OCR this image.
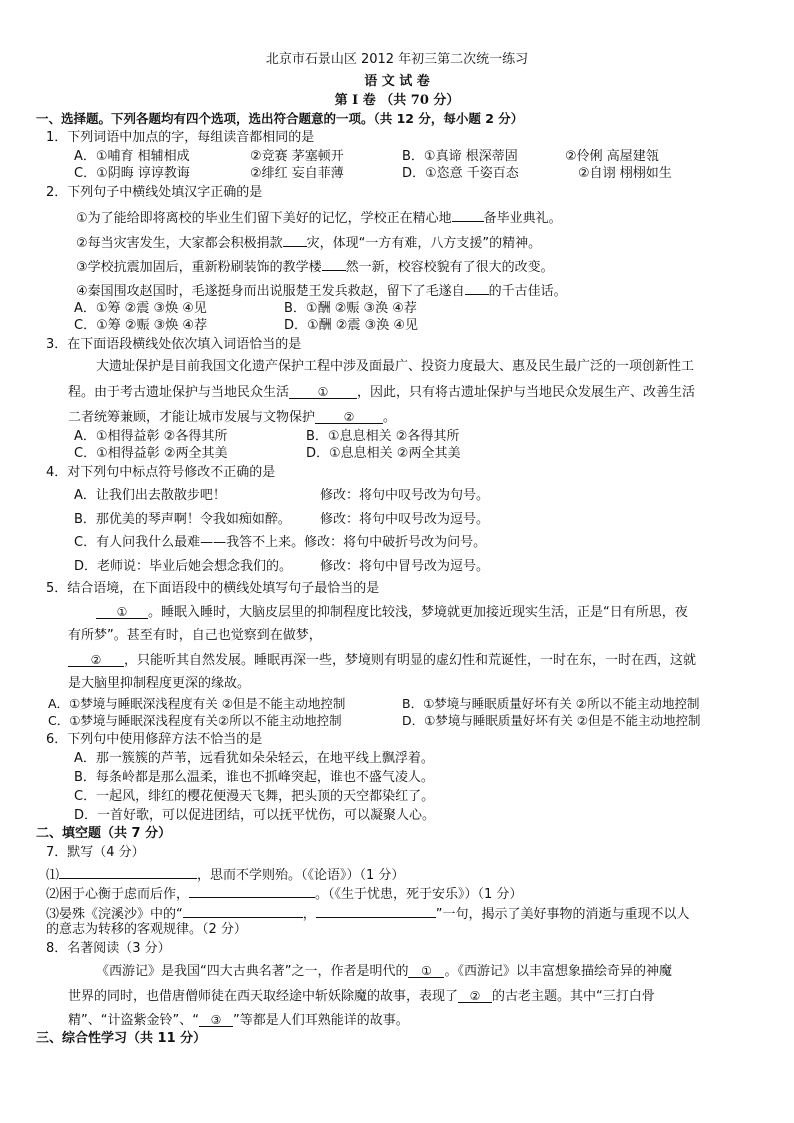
北京市石景山区 2012 年初三第二次统一练习
语 文 试 卷
第 I 卷 （共 70 分）
一、选择题。下列各题均有四个选项，选出符合题意的一项。（共 12 分，每小题 2 分）
1．下列词语中加点的字，每组读音都相同的是
A．①哺育 相辅相成	②竞赛 茅塞顿开	B．①真谛 根深蒂固	②伶俐 高屋建瓴
C．①阴晦 谆谆教诲	②绯红 妄自菲薄	D．①恣意 千姿百态	②自诩 栩栩如生
2．下列句子中横线处填汉字正确的是
①为了能给即将离校的毕业生们留下美好的记忆，学校正在精心地 备毕业典礼。
②每当灾害发生，大家都会积极捐款 灾，体现“一方有难，八方支援”的精神。
③学校抗震加固后，重新粉刷装饰的教学楼 然一新，校容校貌有了很大的改变。
④秦国围攻赵国时，毛遂挺身而出说服楚王发兵救赵，留下了毛遂自 的千古佳话。
A．①筹 ②震 ③焕 ④见	B．①酬 ②赈 ③涣 ④荐
C．①筹 ②赈 ③焕 ④荐	D．①酬 ②震 ③涣 ④见
3．在下面语段横线处依次填入词语恰当的是
大遗址保护是目前我国文化遗产保护工程中涉及面最广、投资力度最大、惠及民生最广泛的一项创新性工
程。由于考古遗址保护与当地民众生活 ① ，因此，只有将古遗址保护与当地民众发展生产、改善生活
二者统筹兼顾，才能让城市发展与文物保护 ② 。
A．①相得益彰 ②各得其所	B．①息息相关 ②各得其所
C．①相得益彰 ②两全其美	D．①息息相关 ②两全其美
4．对下列句中标点符号修改不正确的是
A．让我们出去散散步吧！	修改：将句中叹号改为句号。
B．那优美的琴声啊！令我如痴如醉。 修改：将句中叹号改为逗号。
C．有人问我什么最难——我答不上来。修改：将句中破折号改为问号。
D．老师说：毕业后她会想念我们的。 修改：将句中冒号改为逗号。
5．结合语境，在下面语段中的横线处填写句子最恰当的是
① 。睡眠入睡时，大脑皮层里的抑制程度比较浅，梦境就更加接近现实生活，正是“日有所思，夜
有所梦”。甚至有时，自己也觉察到在做梦，
② ，只能听其自然发展。睡眠再深一些，梦境则有明显的虚幻性和荒诞性，一时在东，一时在西，这就
是大脑里抑制程度更深的缘故。
A．①梦境与睡眠深浅程度有关 ②但是不能主动地控制	B．①梦境与睡眠质量好坏有关 ②所以不能主动地控制
C．①梦境与睡眠深浅程度有关②所以不能主动地控制	D．①梦境与睡眠质量好坏有关 ②但是不能主动地控制
6．下列句中使用修辞方法不恰当的是
A．那一簇簇的芦苇，远看犹如朵朵轻云，在地平线上飘浮着。
B．每条岭都是那么温柔，谁也不抓峰突起，谁也不盛气凌人。
C．一起风，绯红的樱花便漫天飞舞，把头顶的天空都染红了。
D．一首好歌，可以促进团结，可以抚平忧伤，可以凝聚人心。
二、填空题（共 7 分）
7．默写（4 分）
⑴	，思而不学则殆。（《论语》）（1 分）
⑵困于心衡于虑而后作，	。（《生于忧患，死于安乐》）（1 分）
⑶晏殊《浣溪沙》中的“	，	”一句，揭示了美好事物的消逝与重现不以人
的意志为转移的客观规律。（2 分）
8．名著阅读（3 分）
《西游记》是我国“四大古典名著”之一，作者是明代的 ① 。《西游记》以丰富想象描绘奇异的神魔
世界的同时，也借唐僧师徒在西天取经途中斩妖除魔的故事，表现了 ② 的古老主题。其中“三打白骨
精”、“计盗紫金铃”、“ ③ ”等都是人们耳熟能详的故事。
三、综合性学习（共 11 分）
